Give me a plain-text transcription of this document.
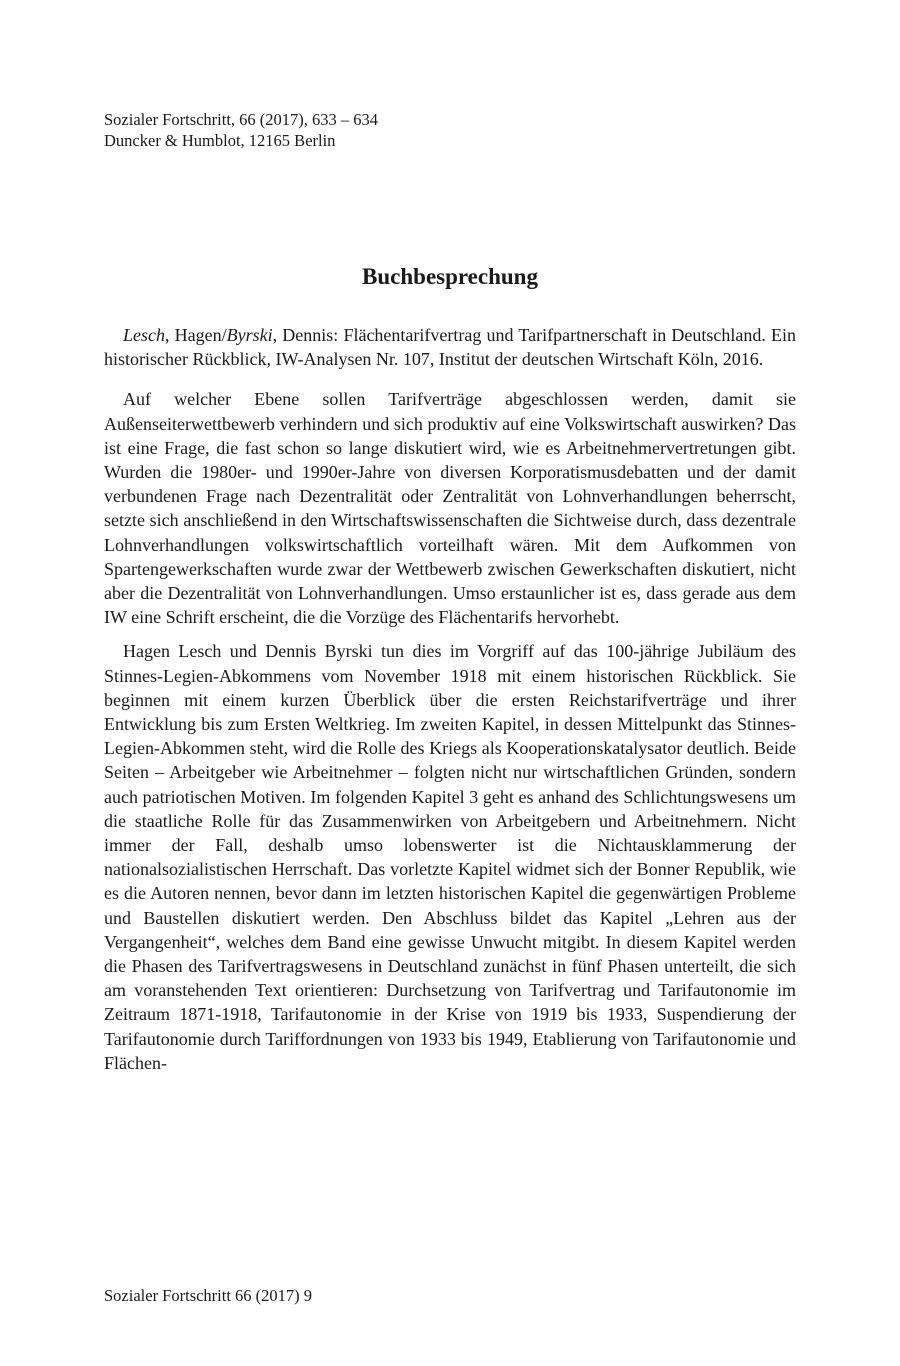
Sozialer Fortschritt, 66 (2017), 633 – 634
Duncker & Humblot, 12165 Berlin
Buchbesprechung

Lesch, Hagen/Byrski, Dennis: Flächentarifvertrag und Tarifpartnerschaft in Deutschland. Ein historischer Rückblick, IW-Analysen Nr. 107, Institut der deutschen Wirtschaft Köln, 2016.

Auf welcher Ebene sollen Tarifverträge abgeschlossen werden, damit sie Außenseiterwettbewerb verhindern und sich produktiv auf eine Volkswirtschaft auswirken? Das ist eine Frage, die fast schon so lange diskutiert wird, wie es Arbeitnehmervertretungen gibt. Wurden die 1980er- und 1990er-Jahre von diversen Korporatismusdebatten und der damit verbundenen Frage nach Dezentralität oder Zentralität von Lohnverhandlungen beherrscht, setzte sich anschließend in den Wirtschaftswissenschaften die Sichtweise durch, dass dezentrale Lohnverhandlungen volkswirtschaftlich vorteilhaft wären. Mit dem Aufkommen von Spartengewerkschaften wurde zwar der Wettbewerb zwischen Gewerkschaften diskutiert, nicht aber die Dezentralität von Lohnverhandlungen. Umso erstaunlicher ist es, dass gerade aus dem IW eine Schrift erscheint, die die Vorzüge des Flächentarifs hervorhebt.

Hagen Lesch und Dennis Byrski tun dies im Vorgriff auf das 100-jährige Jubiläum des Stinnes-Legien-Abkommens vom November 1918 mit einem historischen Rückblick. Sie beginnen mit einem kurzen Überblick über die ersten Reichstarifverträge und ihrer Entwicklung bis zum Ersten Weltkrieg. Im zweiten Kapitel, in dessen Mittelpunkt das Stinnes-Legien-Abkommen steht, wird die Rolle des Kriegs als Kooperationskatalysator deutlich. Beide Seiten – Arbeitgeber wie Arbeitnehmer – folgten nicht nur wirtschaftlichen Gründen, sondern auch patriotischen Motiven. Im folgenden Kapitel 3 geht es anhand des Schlichtungswesens um die staatliche Rolle für das Zusammenwirken von Arbeitgebern und Arbeitnehmern. Nicht immer der Fall, deshalb umso lobenswerter ist die Nichtausklammerung der nationalsozialistischen Herrschaft. Das vorletzte Kapitel widmet sich der Bonner Republik, wie es die Autoren nennen, bevor dann im letzten historischen Kapitel die gegenwärtigen Probleme und Baustellen diskutiert werden. Den Abschluss bildet das Kapitel „Lehren aus der Vergangenheit“, welches dem Band eine gewisse Unwucht mitgibt. In diesem Kapitel werden die Phasen des Tarifvertragswesens in Deutschland zunächst in fünf Phasen unterteilt, die sich am voranstehenden Text orientieren: Durchsetzung von Tarifvertrag und Tarifautonomie im Zeitraum 1871-1918, Tarifautonomie in der Krise von 1919 bis 1933, Suspendierung der Tarifautonomie durch Tariffordnungen von 1933 bis 1949, Etablierung von Tarifautonomie und Flächen-

Sozialer Fortschritt 66 (2017) 9
